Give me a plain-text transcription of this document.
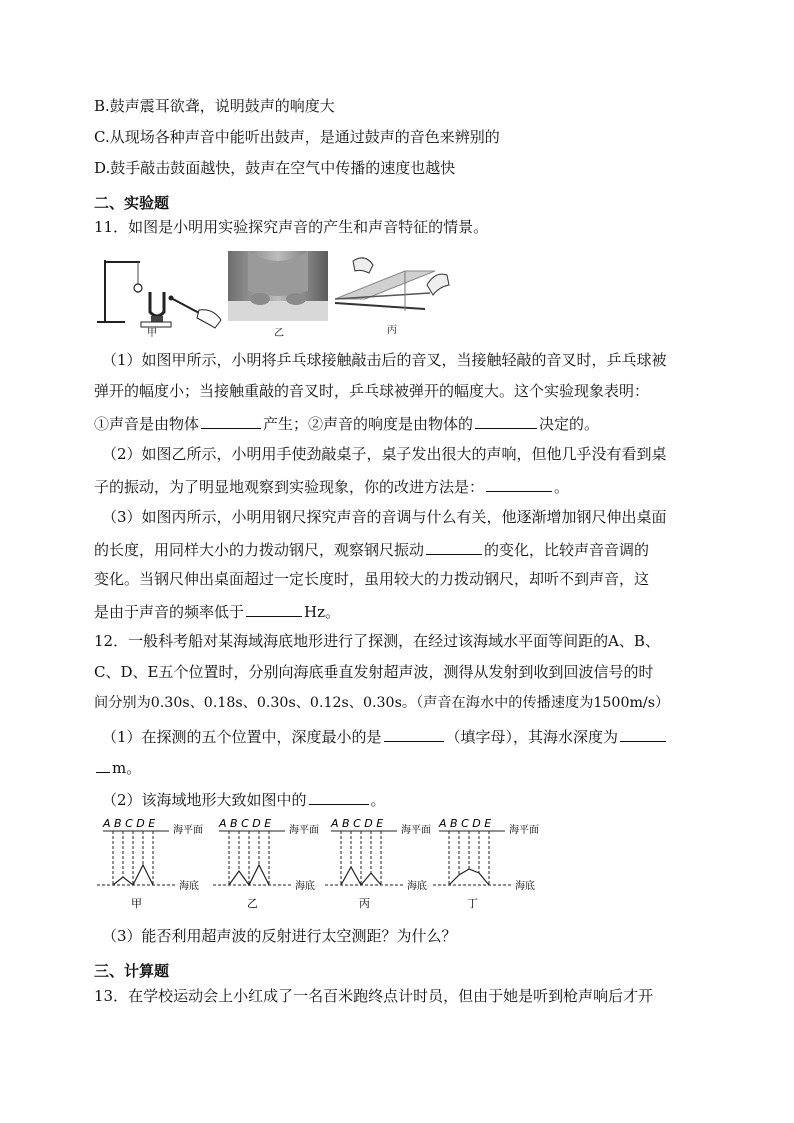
B.鼓声震耳欲聋，说明鼓声的响度大
C.从现场各种声音中能听出鼓声，是通过鼓声的音色来辨别的
D.鼓手敲击鼓面越快，鼓声在空气中传播的速度也越快
二、实验题
11．如图是小明用实验探究声音的产生和声音特征的情景。
甲	乙	丙
（1）如图甲所示，小明将乒乓球接触敲击后的音叉，当接触轻敲的音叉时，乒乓球被
弹开的幅度小；当接触重敲的音叉时，乒乓球被弹开的幅度大。这个实验现象表明：
①声音是由物体	产生；②声音的响度是由物体的	决定的。
（2）如图乙所示，小明用手使劲敲桌子，桌子发出很大的声响，但他几乎没有看到桌
子的振动，为了明显地观察到实验现象，你的改进方法是：	。
（3）如图丙所示，小明用钢尺探究声音的音调与什么有关，他逐渐增加钢尺伸出桌面
的长度，用同样大小的力拨动钢尺，观察钢尺振动	的变化，比较声音音调的
变化。当钢尺伸出桌面超过一定长度时，虽用较大的力拨动钢尺，却听不到声音，这
是由于声音的频率低于	Hz。
12．一般科考船对某海域海底地形进行了探测，在经过该海域水平面等间距的A、B、
C、D、E五个位置时，分别向海底垂直发射超声波，测得从发射到收到回波信号的时
间分别为0.30s、0.18s、0.30s、0.12s、0.30s。（声音在海水中的传播速度为1500m/s）
（1）在探测的五个位置中，深度最小的是	（填字母），其海水深度为
m。
（2）该海域地形大致如图中的	。
A B C D E
海平面
海底
甲
A B C D E
海平面
海底
乙
A B C D E
海平面
海底
丙
A B C D E
海平面
海底
丁
（3）能否利用超声波的反射进行太空测距？为什么？
三、计算题
13．在学校运动会上小红成了一名百米跑终点计时员，但由于她是听到枪声响后才开
